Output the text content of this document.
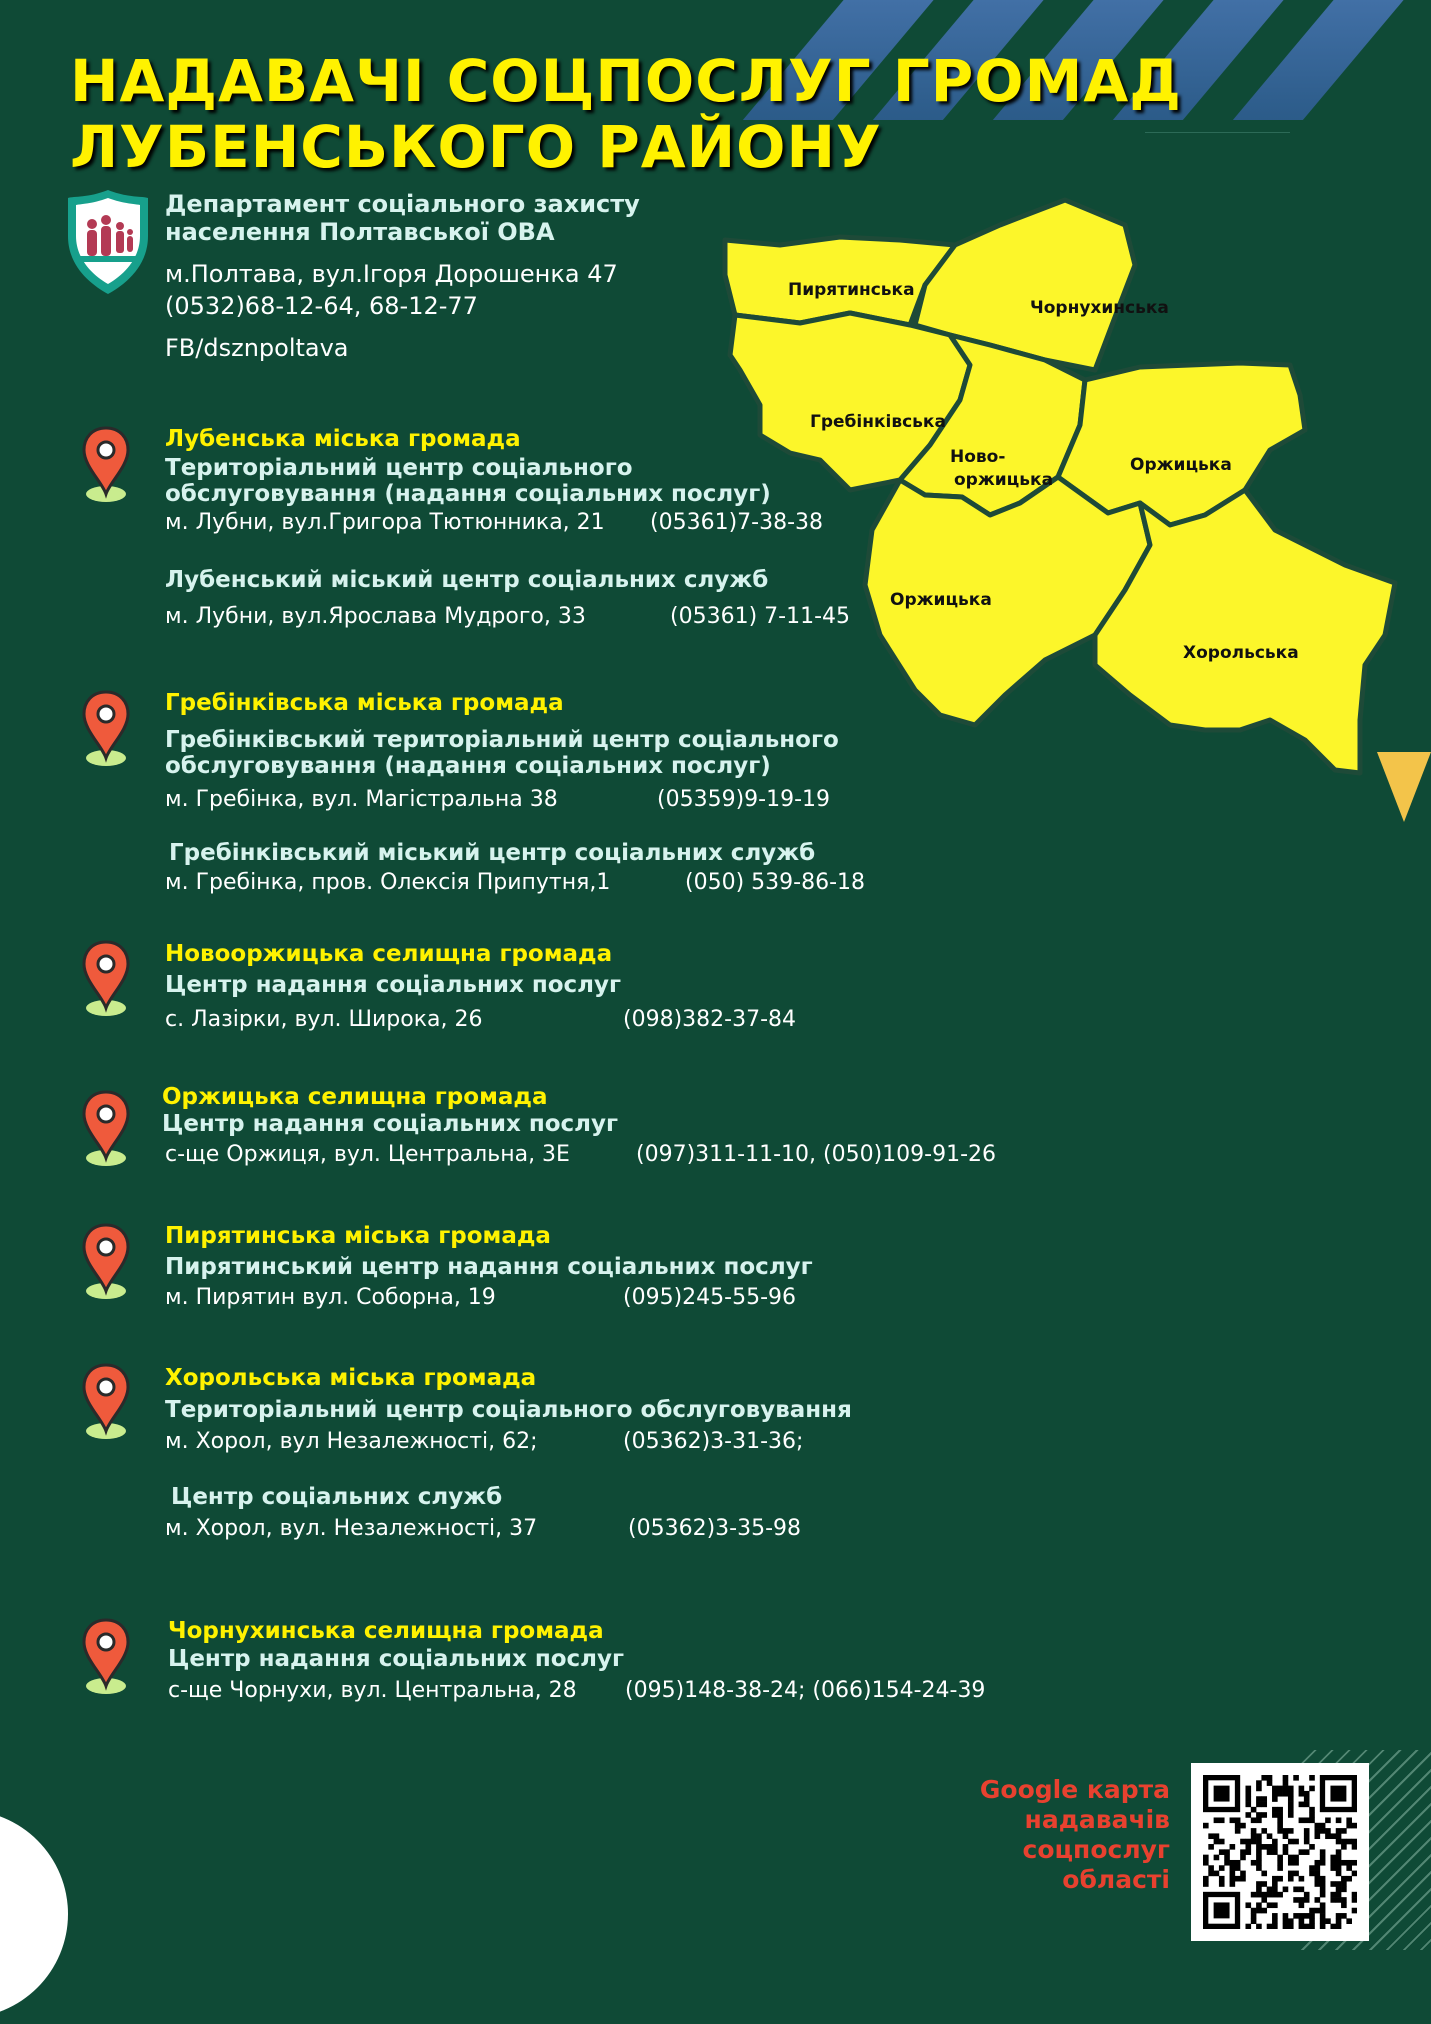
НАДАВАЧІ СОЦПОСЛУГ ГРОМАД
ЛУБЕНСЬКОГО РАЙОНУ
Департамент соціального захисту
населення Полтавської ОВА
м.Полтава, вул.Ігоря Дорошенка 47
(0532)68-12-64, 68-12-77
FB/dsznpoltava
Пирятинська
Чорнухинська
Гребінківська
Ново-
оржицька
Оржицька
Оржицька
Хорольська
Лубенська міська громада
Територіальний центр соціального
обслуговування (надання соціальних послуг)
м. Лубни, вул.Григора Тютюнника, 21 (05361)7-38-38
Лубенський міський центр соціальних служб
м. Лубни, вул.Ярослава Мудрого, 33	(05361) 7-11-45
Гребінківська міська громада
Гребінківський територіальний центр соціального
обслуговування (надання соціальних послуг)
м. Гребінка, вул. Магістральна 38	(05359)9-19-19
Гребінківський міський центр соціальних служб
м. Гребінка, пров. Олексія Припутня,1	(050) 539-86-18
Новооржицька селищна громада
Центр надання соціальних послуг
с. Лазірки, вул. Широка, 26	(098)382-37-84
Оржицька селищна громада
Центр надання соціальних послуг
с-ще Оржиця, вул. Центральна, 3Е	(097)311-11-10, (050)109-91-26
Пирятинська міська громада
Пирятинський центр надання соціальних послуг
м. Пирятин вул. Соборна, 19	(095)245-55-96
Хорольська міська громада
Територіальний центр соціального обслуговування
м. Хорол, вул Незалежності, 62;	(05362)3-31-36;
Центр соціальних служб
м. Хорол, вул. Незалежності, 37	(05362)3-35-98
Чорнухинська селищна громада
Центр надання соціальних послуг
с-ще Чорнухи, вул. Центральна, 28 (095)148-38-24; (066)154-24-39
Google карта
надавачів
соцпослуг
області
